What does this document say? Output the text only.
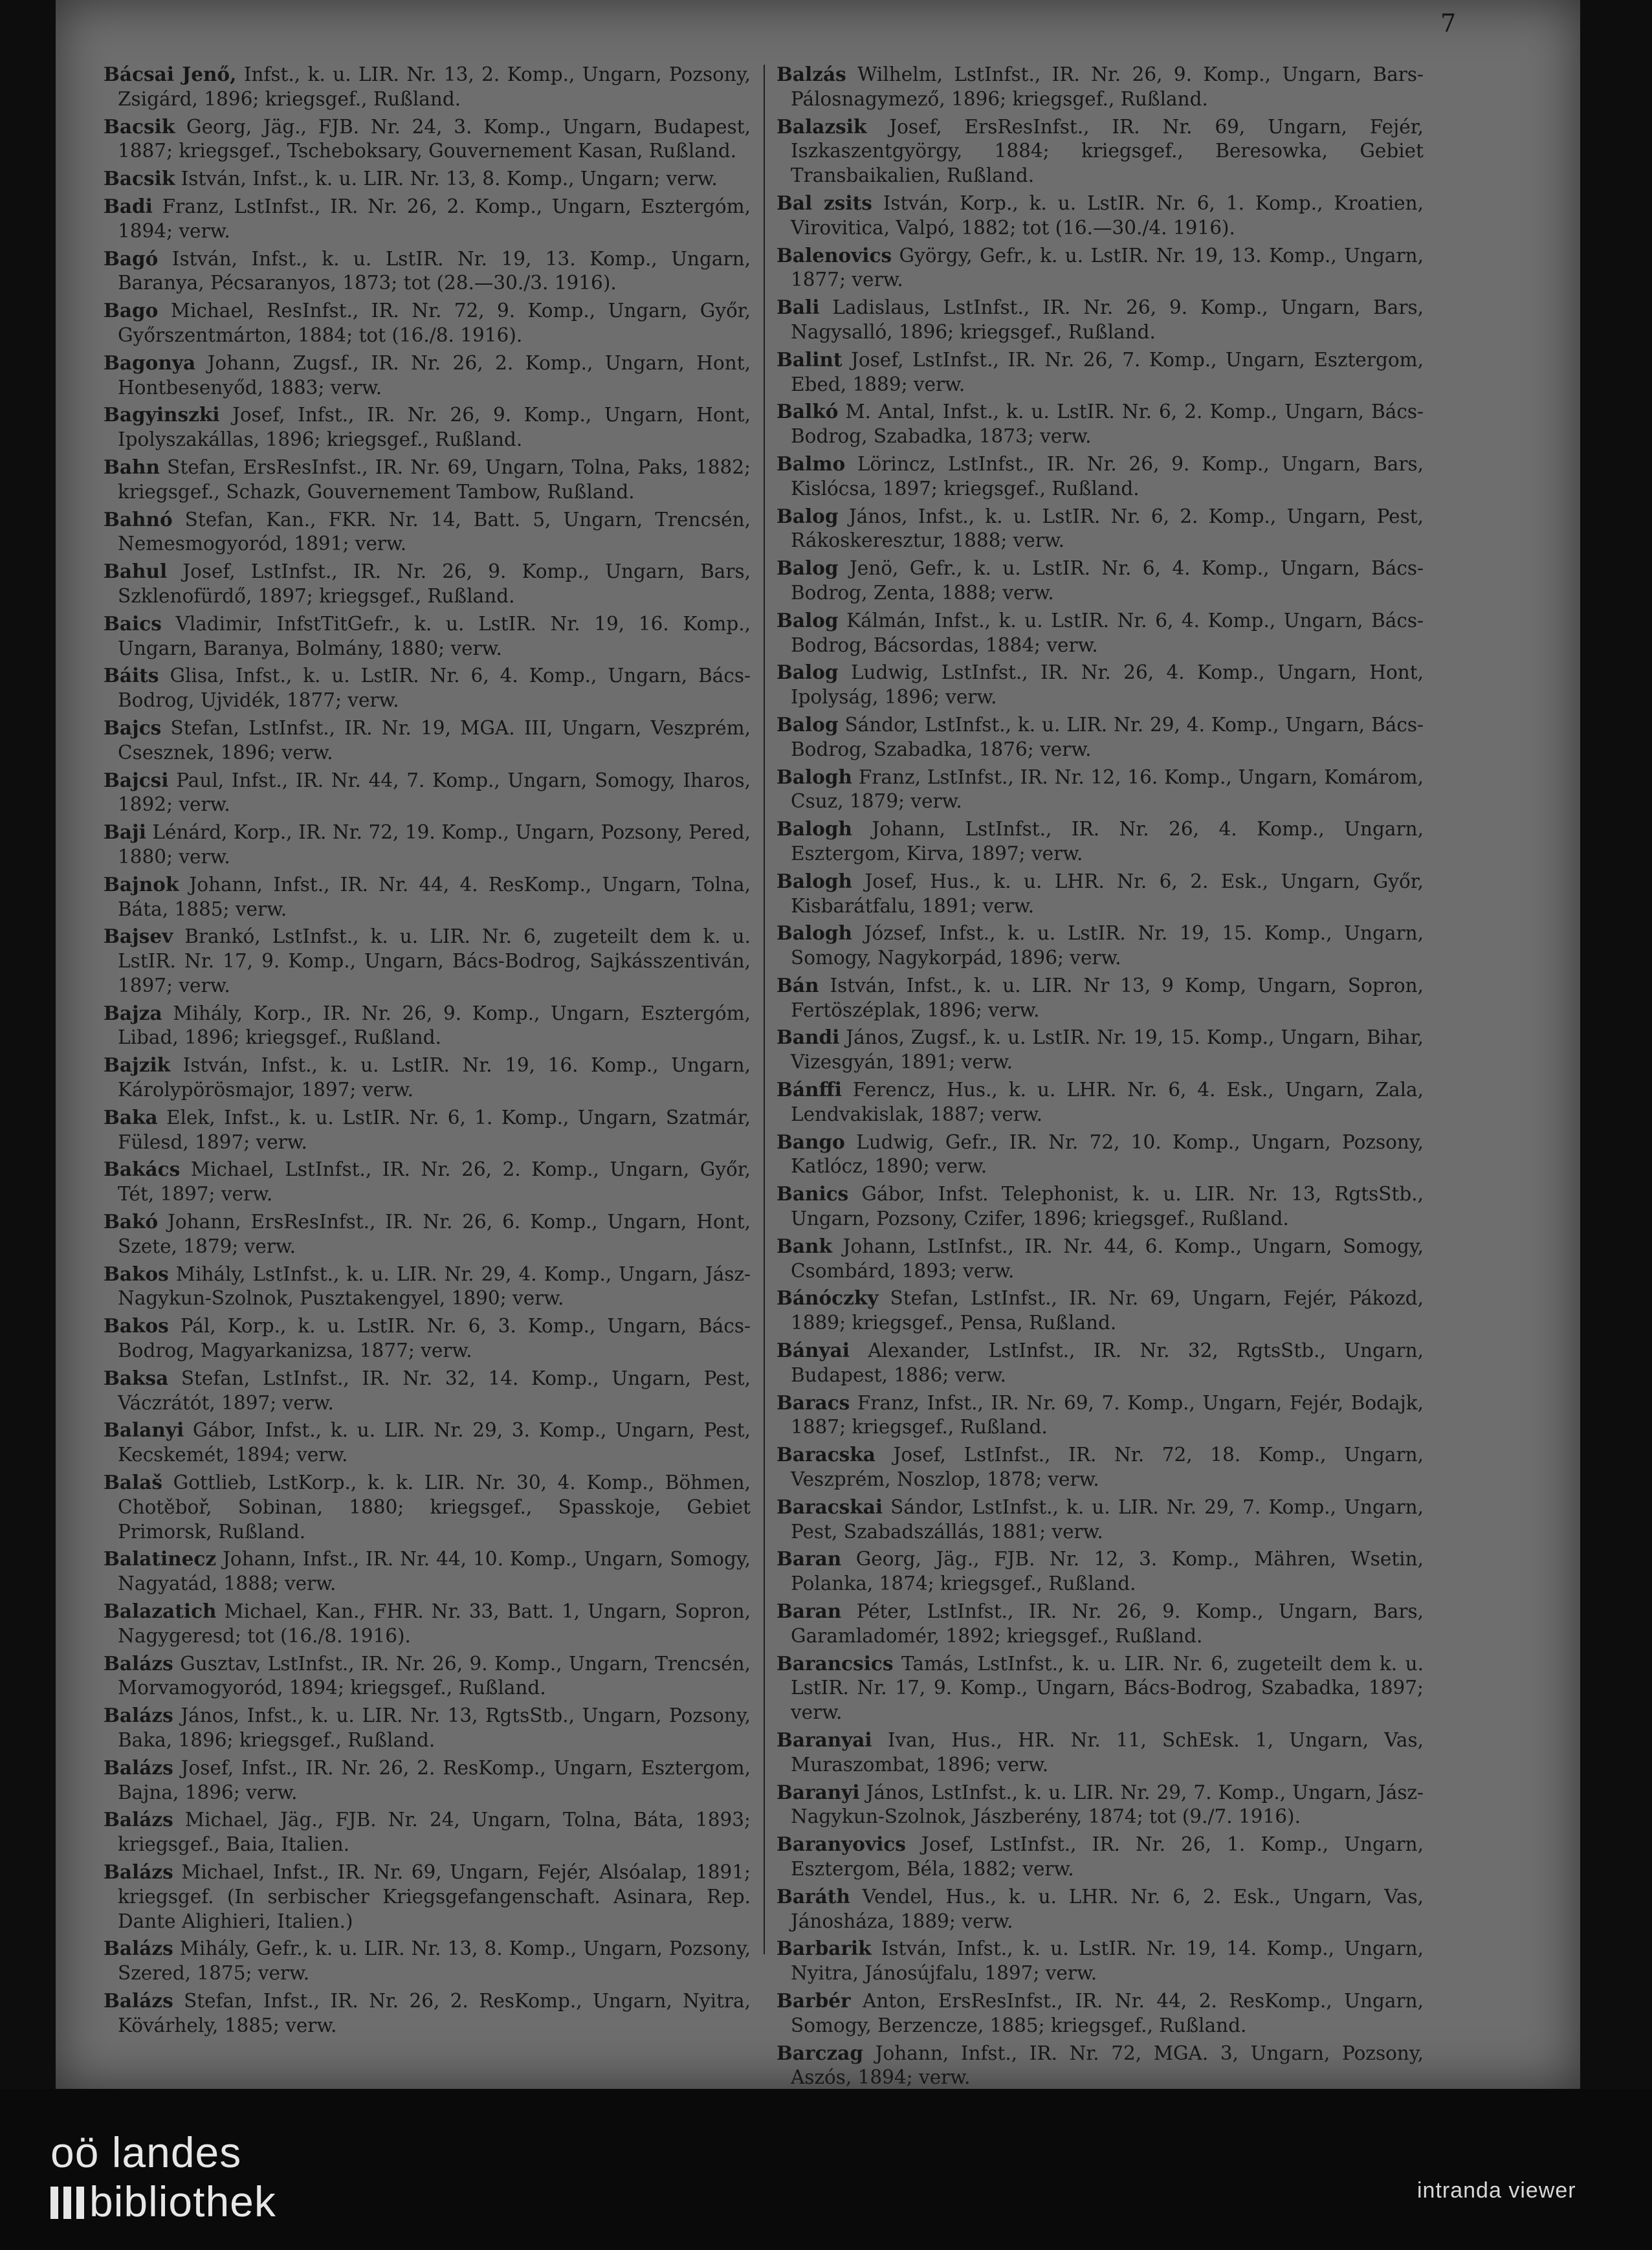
7

Bácsai Jenő, Infst., k. u. LIR. Nr. 13, 2. Komp., Ungarn, Pozsony, Zsigárd, 1896; kriegsgef., Rußland.

Bacsik Georg, Jäg., FJB. Nr. 24, 3. Komp., Ungarn, Budapest, 1887; kriegsgef., Tscheboksary, Gouvernement Kasan, Rußland.

Bacsik István, Infst., k. u. LIR. Nr. 13, 8. Komp., Ungarn; verw.

Badi Franz, LstInfst., IR. Nr. 26, 2. Komp., Ungarn, Esztergóm, 1894; verw.

Bagó István, Infst., k. u. LstIR. Nr. 19, 13. Komp., Ungarn, Baranya, Pécsaranyos, 1873; tot (28.—30./3. 1916).

Bago Michael, ResInfst., IR. Nr. 72, 9. Komp., Ungarn, Győr, Győrszentmárton, 1884; tot (16./8. 1916).

Bagonya Johann, Zugsf., IR. Nr. 26, 2. Komp., Ungarn, Hont, Hontbesenyőd, 1883; verw.

Bagyinszki Josef, Infst., IR. Nr. 26, 9. Komp., Ungarn, Hont, Ipolyszakállas, 1896; kriegsgef., Rußland.

Bahn Stefan, ErsResInfst., IR. Nr. 69, Ungarn, Tolna, Paks, 1882; kriegsgef., Schazk, Gouvernement Tambow, Rußland.

Bahnó Stefan, Kan., FKR. Nr. 14, Batt. 5, Ungarn, Trencsén, Nemesmogyoród, 1891; verw.

Bahul Josef, LstInfst., IR. Nr. 26, 9. Komp., Ungarn, Bars, Szklenofürdő, 1897; kriegsgef., Rußland.

Baics Vladimir, InfstTitGefr., k. u. LstIR. Nr. 19, 16. Komp., Ungarn, Baranya, Bolmány, 1880; verw.

Báits Glisa, Infst., k. u. LstIR. Nr. 6, 4. Komp., Ungarn, Bács-Bodrog, Ujvidék, 1877; verw.

Bajcs Stefan, LstInfst., IR. Nr. 19, MGA. III, Ungarn, Veszprém, Csesznek, 1896; verw.

Bajcsi Paul, Infst., IR. Nr. 44, 7. Komp., Ungarn, Somogy, Iharos, 1892; verw.

Baji Lénárd, Korp., IR. Nr. 72, 19. Komp., Ungarn, Pozsony, Pered, 1880; verw.

Bajnok Johann, Infst., IR. Nr. 44, 4. ResKomp., Ungarn, Tolna, Báta, 1885; verw.

Bajsev Brankó, LstInfst., k. u. LIR. Nr. 6, zugeteilt dem k. u. LstIR. Nr. 17, 9. Komp., Ungarn, Bács-Bodrog, Sajkásszentiván, 1897; verw.

Bajza Mihály, Korp., IR. Nr. 26, 9. Komp., Ungarn, Esztergóm, Libad, 1896; kriegsgef., Rußland.

Bajzik István, Infst., k. u. LstIR. Nr. 19, 16. Komp., Ungarn, Károlypörösmajor, 1897; verw.

Baka Elek, Infst., k. u. LstIR. Nr. 6, 1. Komp., Ungarn, Szatmár, Fülesd, 1897; verw.

Bakács Michael, LstInfst., IR. Nr. 26, 2. Komp., Ungarn, Győr, Tét, 1897; verw.

Bakó Johann, ErsResInfst., IR. Nr. 26, 6. Komp., Ungarn, Hont, Szete, 1879; verw.

Bakos Mihály, LstInfst., k. u. LIR. Nr. 29, 4. Komp., Ungarn, Jász-Nagykun-Szolnok, Pusztakengyel, 1890; verw.

Bakos Pál, Korp., k. u. LstIR. Nr. 6, 3. Komp., Ungarn, Bács-Bodrog, Magyarkanizsa, 1877; verw.

Baksa Stefan, LstInfst., IR. Nr. 32, 14. Komp., Ungarn, Pest, Váczrátót, 1897; verw.

Balanyi Gábor, Infst., k. u. LIR. Nr. 29, 3. Komp., Ungarn, Pest, Kecskemét, 1894; verw.

Balaš Gottlieb, LstKorp., k. k. LIR. Nr. 30, 4. Komp., Böhmen, Chotěboř, Sobinan, 1880; kriegsgef., Spasskoje, Gebiet Primorsk, Rußland.

Balatinecz Johann, Infst., IR. Nr. 44, 10. Komp., Ungarn, Somogy, Nagyatád, 1888; verw.

Balazatich Michael, Kan., FHR. Nr. 33, Batt. 1, Ungarn, Sopron, Nagygeresd; tot (16./8. 1916).

Balázs Gusztav, LstInfst., IR. Nr. 26, 9. Komp., Ungarn, Trencsén, Morvamogyoród, 1894; kriegsgef., Rußland.

Balázs János, Infst., k. u. LIR. Nr. 13, RgtsStb., Ungarn, Pozsony, Baka, 1896; kriegsgef., Rußland.

Balázs Josef, Infst., IR. Nr. 26, 2. ResKomp., Ungarn, Esztergom, Bajna, 1896; verw.

Balázs Michael, Jäg., FJB. Nr. 24, Ungarn, Tolna, Báta, 1893; kriegsgef., Baia, Italien.

Balázs Michael, Infst., IR. Nr. 69, Ungarn, Fejér, Alsóalap, 1891; kriegsgef. (In serbischer Kriegsgefangenschaft. Asinara, Rep. Dante Alighieri, Italien.)

Balázs Mihály, Gefr., k. u. LIR. Nr. 13, 8. Komp., Ungarn, Pozsony, Szered, 1875; verw.

Balázs Stefan, Infst., IR. Nr. 26, 2. ResKomp., Ungarn, Nyitra, Kövárhely, 1885; verw.

Balzás Wilhelm, LstInfst., IR. Nr. 26, 9. Komp., Ungarn, Bars-Pálosnagymező, 1896; kriegsgef., Rußland.

Balazsik Josef, ErsResInfst., IR. Nr. 69, Ungarn, Fejér, Iszkaszentgyörgy, 1884; kriegsgef., Beresowka, Gebiet Transbaikalien, Rußland.

Bal zsits István, Korp., k. u. LstIR. Nr. 6, 1. Komp., Kroatien, Virovitica, Valpó, 1882; tot (16.—30./4. 1916).

Balenovics György, Gefr., k. u. LstIR. Nr. 19, 13. Komp., Ungarn, 1877; verw.

Bali Ladislaus, LstInfst., IR. Nr. 26, 9. Komp., Ungarn, Bars, Nagysalló, 1896; kriegsgef., Rußland.

Balint Josef, LstInfst., IR. Nr. 26, 7. Komp., Ungarn, Esztergom, Ebed, 1889; verw.

Balkó M. Antal, Infst., k. u. LstIR. Nr. 6, 2. Komp., Ungarn, Bács-Bodrog, Szabadka, 1873; verw.

Balmo Lörincz, LstInfst., IR. Nr. 26, 9. Komp., Ungarn, Bars, Kislócsa, 1897; kriegsgef., Rußland.

Balog János, Infst., k. u. LstIR. Nr. 6, 2. Komp., Ungarn, Pest, Rákoskeresztur, 1888; verw.

Balog Jenö, Gefr., k. u. LstIR. Nr. 6, 4. Komp., Ungarn, Bács-Bodrog, Zenta, 1888; verw.

Balog Kálmán, Infst., k. u. LstIR. Nr. 6, 4. Komp., Ungarn, Bács-Bodrog, Bácsordas, 1884; verw.

Balog Ludwig, LstInfst., IR. Nr. 26, 4. Komp., Ungarn, Hont, Ipolyság, 1896; verw.

Balog Sándor, LstInfst., k. u. LIR. Nr. 29, 4. Komp., Ungarn, Bács-Bodrog, Szabadka, 1876; verw.

Balogh Franz, LstInfst., IR. Nr. 12, 16. Komp., Ungarn, Komárom, Csuz, 1879; verw.

Balogh Johann, LstInfst., IR. Nr. 26, 4. Komp., Ungarn, Esztergom, Kirva, 1897; verw.

Balogh Josef, Hus., k. u. LHR. Nr. 6, 2. Esk., Ungarn, Győr, Kisbarátfalu, 1891; verw.

Balogh József, Infst., k. u. LstIR. Nr. 19, 15. Komp., Ungarn, Somogy, Nagykorpád, 1896; verw.

Bán István, Infst., k. u. LIR. Nr 13, 9 Komp, Ungarn, Sopron, Fertöszéplak, 1896; verw.

Bandi János, Zugsf., k. u. LstIR. Nr. 19, 15. Komp., Ungarn, Bihar, Vizesgyán, 1891; verw.

Bánffi Ferencz, Hus., k. u. LHR. Nr. 6, 4. Esk., Ungarn, Zala, Lendvakislak, 1887; verw.

Bango Ludwig, Gefr., IR. Nr. 72, 10. Komp., Ungarn, Pozsony, Katlócz, 1890; verw.

Banics Gábor, Infst. Telephonist, k. u. LIR. Nr. 13, RgtsStb., Ungarn, Pozsony, Czifer, 1896; kriegsgef., Rußland.

Bank Johann, LstInfst., IR. Nr. 44, 6. Komp., Ungarn, Somogy, Csombárd, 1893; verw.

Bánóczky Stefan, LstInfst., IR. Nr. 69, Ungarn, Fejér, Pákozd, 1889; kriegsgef., Pensa, Rußland.

Bányai Alexander, LstInfst., IR. Nr. 32, RgtsStb., Ungarn, Budapest, 1886; verw.

Baracs Franz, Infst., IR. Nr. 69, 7. Komp., Ungarn, Fejér, Bodajk, 1887; kriegsgef., Rußland.

Baracska Josef, LstInfst., IR. Nr. 72, 18. Komp., Ungarn, Veszprém, Noszlop, 1878; verw.

Baracskai Sándor, LstInfst., k. u. LIR. Nr. 29, 7. Komp., Ungarn, Pest, Szabadszállás, 1881; verw.

Baran Georg, Jäg., FJB. Nr. 12, 3. Komp., Mähren, Wsetin, Polanka, 1874; kriegsgef., Rußland.

Baran Péter, LstInfst., IR. Nr. 26, 9. Komp., Ungarn, Bars, Garamladomér, 1892; kriegsgef., Rußland.

Barancsics Tamás, LstInfst., k. u. LIR. Nr. 6, zugeteilt dem k. u. LstIR. Nr. 17, 9. Komp., Ungarn, Bács-Bodrog, Szabadka, 1897; verw.

Baranyai Ivan, Hus., HR. Nr. 11, SchEsk. 1, Ungarn, Vas, Muraszombat, 1896; verw.

Baranyi János, LstInfst., k. u. LIR. Nr. 29, 7. Komp., Ungarn, Jász-Nagykun-Szolnok, Jászberény, 1874; tot (9./7. 1916).

Baranyovics Josef, LstInfst., IR. Nr. 26, 1. Komp., Ungarn, Esztergom, Béla, 1882; verw.

Baráth Vendel, Hus., k. u. LHR. Nr. 6, 2. Esk., Ungarn, Vas, Jánosháza, 1889; verw.

Barbarik István, Infst., k. u. LstIR. Nr. 19, 14. Komp., Ungarn, Nyitra, Jánosújfalu, 1897; verw.

Barbér Anton, ErsResInfst., IR. Nr. 44, 2. ResKomp., Ungarn, Somogy, Berzencze, 1885; kriegsgef., Rußland.

Barczag Johann, Infst., IR. Nr. 72, MGA. 3, Ungarn, Pozsony, Aszós, 1894; verw.

oö landes
bibliothek	intranda viewer
